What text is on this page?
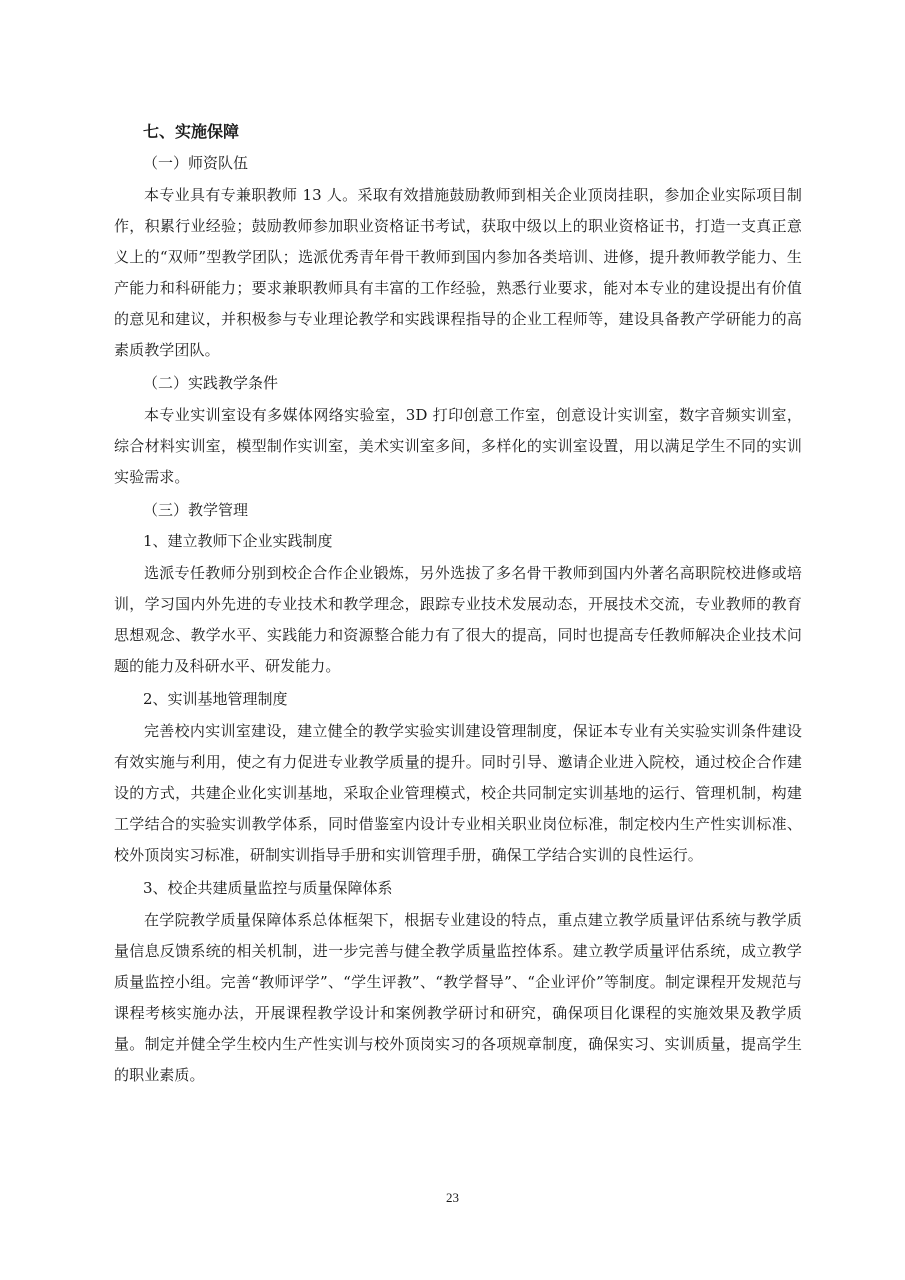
七、实施保障
（一）师资队伍

本专业具有专兼职教师 13 人。采取有效措施鼓励教师到相关企业顶岗挂职，参加企业实际项目制作，积累行业经验；鼓励教师参加职业资格证书考试，获取中级以上的职业资格证书，打造一支真正意义上的“双师”型教学团队；选派优秀青年骨干教师到国内参加各类培训、进修，提升教师教学能力、生产能力和科研能力；要求兼职教师具有丰富的工作经验，熟悉行业要求，能对本专业的建设提出有价值的意见和建议，并积极参与专业理论教学和实践课程指导的企业工程师等，建设具备教产学研能力的高素质教学团队。

（二）实践教学条件

本专业实训室设有多媒体网络实验室，3D 打印创意工作室，创意设计实训室，数字音频实训室，综合材料实训室，模型制作实训室，美术实训室多间，多样化的实训室设置，用以满足学生不同的实训实验需求。

（三）教学管理
1、建立教师下企业实践制度

选派专任教师分别到校企合作企业锻炼，另外选拔了多名骨干教师到国内外著名高职院校进修或培训，学习国内外先进的专业技术和教学理念，跟踪专业技术发展动态，开展技术交流，专业教师的教育思想观念、教学水平、实践能力和资源整合能力有了很大的提高，同时也提高专任教师解决企业技术问题的能力及科研水平、研发能力。

2、实训基地管理制度

完善校内实训室建设，建立健全的教学实验实训建设管理制度，保证本专业有关实验实训条件建设有效实施与利用，使之有力促进专业教学质量的提升。同时引导、邀请企业进入院校，通过校企合作建设的方式，共建企业化实训基地，采取企业管理模式，校企共同制定实训基地的运行、管理机制，构建工学结合的实验实训教学体系，同时借鉴室内设计专业相关职业岗位标准，制定校内生产性实训标准、校外顶岗实习标准，研制实训指导手册和实训管理手册，确保工学结合实训的良性运行。

3、校企共建质量监控与质量保障体系

在学院教学质量保障体系总体框架下，根据专业建设的特点，重点建立教学质量评估系统与教学质量信息反馈系统的相关机制，进一步完善与健全教学质量监控体系。建立教学质量评估系统，成立教学质量监控小组。完善“教师评学”、“学生评教”、“教学督导”、“企业评价”等制度。制定课程开发规范与课程考核实施办法，开展课程教学设计和案例教学研讨和研究，确保项目化课程的实施效果及教学质量。制定并健全学生校内生产性实训与校外顶岗实习的各项规章制度，确保实习、实训质量，提高学生的职业素质。

23
